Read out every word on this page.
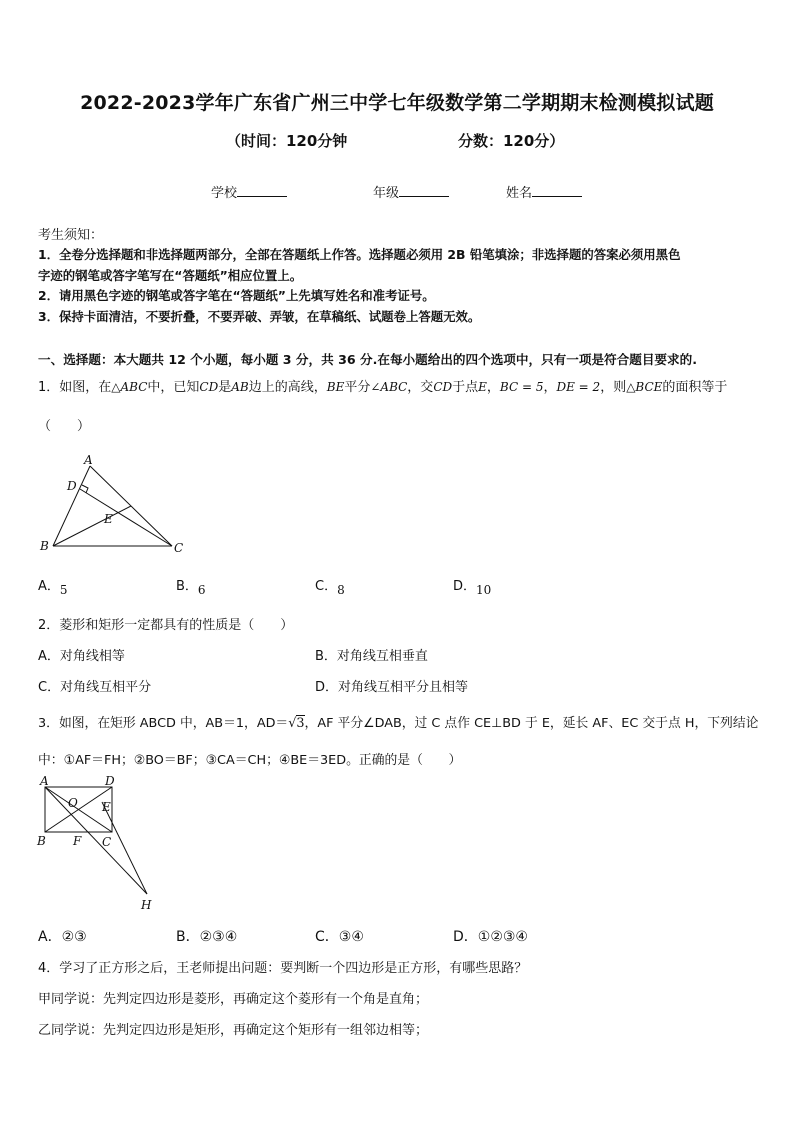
2022-2023学年广东省广州三中学七年级数学第二学期期末检测模拟试题
（时间：120分钟	分数：120分）
学校	年级	姓名
考生须知：
1．全卷分选择题和非选择题两部分，全部在答题纸上作答。选择题必须用 2B 铅笔填涂；非选择题的答案必须用黑色
字迹的钢笔或答字笔写在“答题纸”相应位置上。
2．请用黑色字迹的钢笔或答字笔在“答题纸”上先填写姓名和准考证号。
3．保持卡面清洁，不要折叠，不要弄破、弄皱，在草稿纸、试题卷上答题无效。
一、选择题：本大题共 12 个小题，每小题 3 分，共 36 分.在每小题给出的四个选项中，只有一项是符合题目要求的.
1．如图，在△ABC中，已知CD是AB边上的高线，BE平分∠ABC，交CD于点E，BC = 5，DE = 2，则△BCE的面积等于
（　　）
A
D
E
B	C
A．5	B．6	C．8	D．10
2．菱形和矩形一定都具有的性质是（　　）
A．对角线相等	B．对角线互相垂直
C．对角线互相平分	D．对角线互相平分且相等
3．如图，在矩形 ABCD 中，AB＝1，AD＝√3，AF 平分∠DAB，过 C 点作 CE⊥BD 于 E，延长 AF、EC 交于点 H，下列结论
中：①AF＝FH；②BO＝BF；③CA＝CH；④BE＝3ED。正确的是（　　）
A	D
O E
B F C
H
A．②③	B．②③④	C．③④	D．①②③④
4．学习了正方形之后，王老师提出问题：要判断一个四边形是正方形，有哪些思路？
甲同学说：先判定四边形是菱形，再确定这个菱形有一个角是直角；
乙同学说：先判定四边形是矩形，再确定这个矩形有一组邻边相等；
